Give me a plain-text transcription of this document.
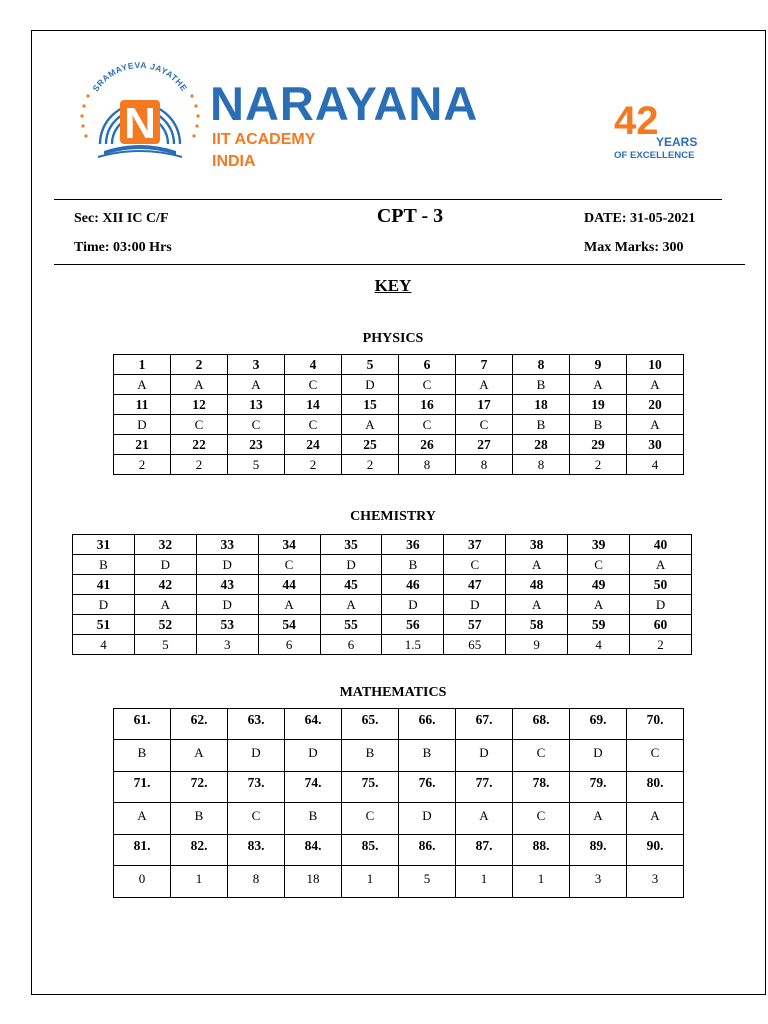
SRAMAYEVA JAYATHE
N NARAYANA
IIT ACADEMY
INDIA
42
YEARS
OF EXCELLENCE
Sec: XII IC C/F	CPT - 3	DATE: 31-05-2021
Time: 03:00 Hrs	Max Marks: 300
KEY
PHYSICS
1	2	3	4	5	6	7	8	9	10
A	A	A	C	D	C	A	B	A	A
11	12	13	14	15	16	17	18	19	20
D	C	C	C	A	C	C	B	B	A
21	22	23	24	25	26	27	28	29	30
2	2	5	2	2	8	8	8	2	4
CHEMISTRY
31	32	33	34	35	36	37	38	39	40
B	D	D	C	D	B	C	A	C	A
41	42	43	44	45	46	47	48	49	50
D	A	D	A	A	D	D	A	A	D
51	52	53	54	55	56	57	58	59	60
4	5	3	6	6	1.5	65	9	4	2
MATHEMATICS
61.	62.	63.	64.	65.	66.	67.	68.	69.	70.
B	A	D	D	B	B	D	C	D	C
71.	72.	73.	74.	75.	76.	77.	78.	79.	80.
A	B	C	B	C	D	A	C	A	A
81.	82.	83.	84.	85.	86.	87.	88.	89.	90.
0	1	8	18	1	5	1	1	3	3
